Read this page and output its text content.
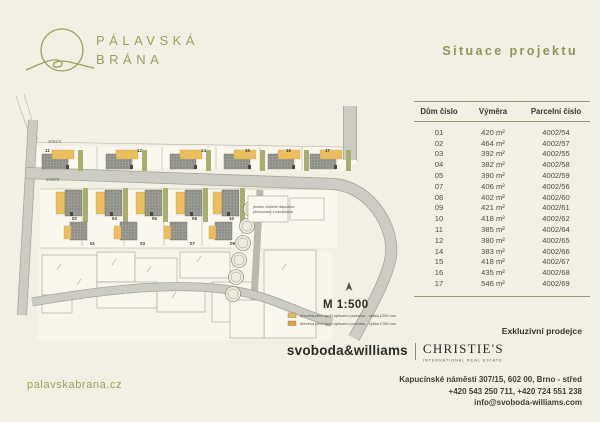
PÁLAVSKÁ
BRÁNA
Situace projektu
Dům číslo	Výměra	Parcelní číslo
01	420 m²	4002/54
02	464 m²	4002/57
03	392 m²	4002/55
04	382 m²	4002/58
05	390 m²	4002/59
07	406 m²	4002/56
08	402 m²	4002/60
09	421 m²	4002/61
10	418 m²	4002/62
11	385 m²	4002/64
12	380 m²	4002/65
14	383 m²	4002/66
15	418 m²	4002/67
16	435 m²	4002/68
17	546 m²	4002/69
11	12	14	15	16	17
02	04	05	08	10
01	03	07	09
prostor zrušené dispozice
přesouvaný s označením
4002/4
4002/3
M 1:500
dřevěná plná výplň oplocení pozemku - výška 1200 mm
dřevěná plná výplň oplocení pozemku - výška 1750 mm
Exkluzivní prodejce
svoboda&williams CHRISTIE'S
INTERNATIONAL REAL ESTATE
Kapucínské náměstí 307/15, 602 00, Brno - střed
+420 543 250 711, +420 724 551 238
info@svoboda-williams.com
palavskabrana.cz
